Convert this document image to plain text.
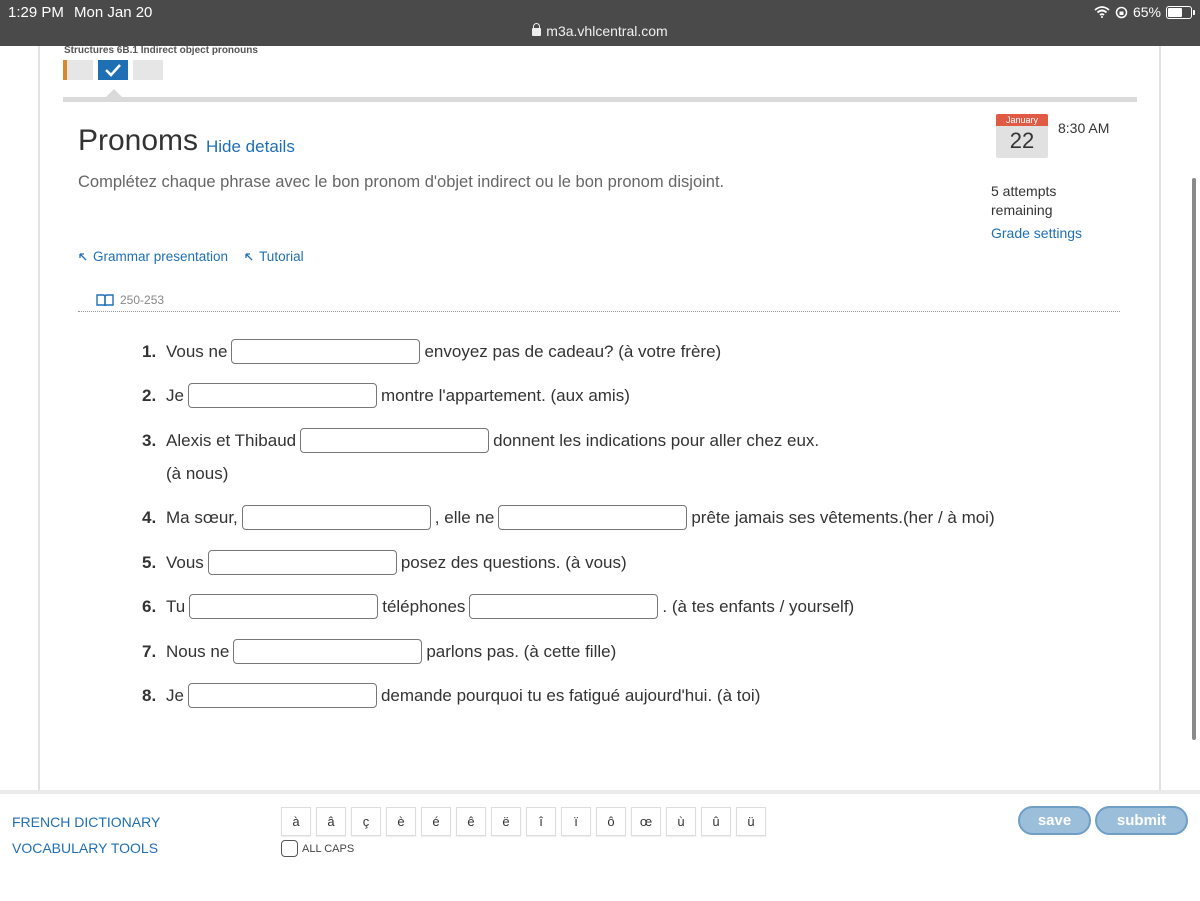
1:29 PM Mon Jan 20
m3a.vhlcentral.com
65%
Structures 6B.1 Indirect object pronouns
Pronoms Hide details
Complétez chaque phrase avec le bon pronom d'objet indirect ou le bon pronom disjoint.
January
22	8:30 AM
5 attempts remaining
Grade settings
Grammar presentation Tutorial
250-253
1. Vous ne	envoyez pas de cadeau? (à votre frère)
2. Je	montre l'appartement. (aux amis)
3. Alexis et Thibaud	donnent les indications pour aller chez eux.
(à nous)
4. Ma sœur,	, elle ne	prête jamais ses vêtements.(her / à moi)
5. Vous	posez des questions. (à vous)
6. Tu	téléphones	. (à tes enfants / yourself)
7. Nous ne	parlons pas. (à cette fille)
8. Je	demande pourquoi tu es fatigué aujourd'hui. (à toi)
FRENCH DICTIONARY
VOCABULARY TOOLS
à	â	ç	è	é	ê	ë	î	ï	ô	œ	ù	û	ü
ALL CAPS
save	submit
